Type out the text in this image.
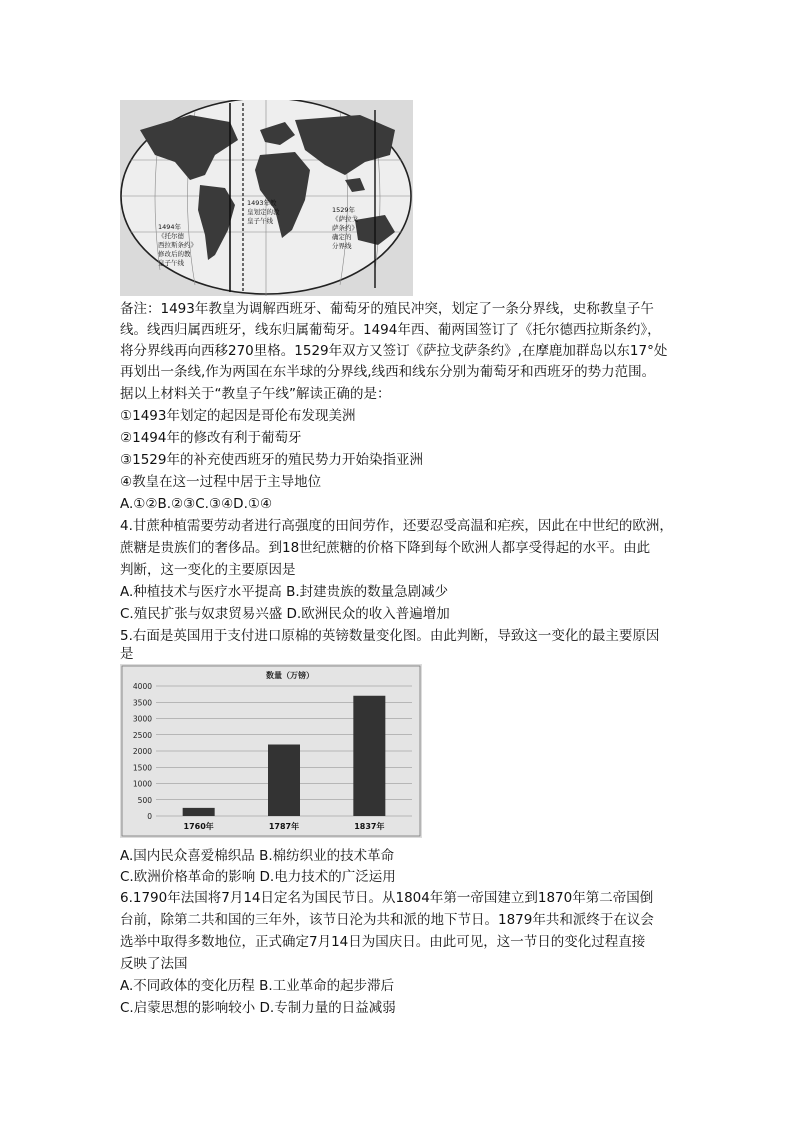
1494年
《托尔德
西拉斯条约》
修改后的教
皇子午线
1493年教
皇划定的教
皇子午线
1529年
《萨拉戈
萨条约》
确定的
分界线
备注：1493年教皇为调解西班牙、葡萄牙的殖民冲突，划定了一条分界线，史称教皇子午
线。线西归属西班牙，线东归属葡萄牙。1494年西、葡两国签订了《托尔德西拉斯条约》，
将分界线再向西移270里格。1529年双方又签订《萨拉戈萨条约》,在摩鹿加群岛以东17°处
再划出一条线,作为两国在东半球的分界线,线西和线东分别为葡萄牙和西班牙的势力范围。
据以上材料关于“教皇子午线”解读正确的是：
①1493年划定的起因是哥伦布发现美洲
②1494年的修改有利于葡萄牙
③1529年的补充使西班牙的殖民势力开始染指亚洲
④教皇在这一过程中居于主导地位
A.①②B.②③C.③④D.①④
4.甘蔗种植需要劳动者进行高强度的田间劳作，还要忍受高温和疟疾，因此在中世纪的欧洲，
蔗糖是贵族们的奢侈品。到18世纪蔗糖的价格下降到每个欧洲人都享受得起的水平。由此
判断，这一变化的主要原因是
A.种植技术与医疗水平提高 B.封建贵族的数量急剧减少
C.殖民扩张与奴隶贸易兴盛 D.欧洲民众的收入普遍增加
5.右面是英国用于支付进口原棉的英镑数量变化图。由此判断，导致这一变化的最主要原因
是
数量（万镑）
0
500
1000
1500
2000
2500
3000
3500
4000
1760年	1787年	1837年
A.国内民众喜爱棉织品 B.棉纺织业的技术革命
C.欧洲价格革命的影响 D.电力技术的广泛运用
6.1790年法国将7月14日定名为国民节日。从1804年第一帝国建立到1870年第二帝国倒
台前，除第二共和国的三年外，该节日沦为共和派的地下节日。1879年共和派终于在议会
选举中取得多数地位，正式确定7月14日为国庆日。由此可见，这一节日的变化过程直接
反映了法国
A.不同政体的变化历程 B.工业革命的起步滞后
C.启蒙思想的影响较小 D.专制力量的日益减弱
